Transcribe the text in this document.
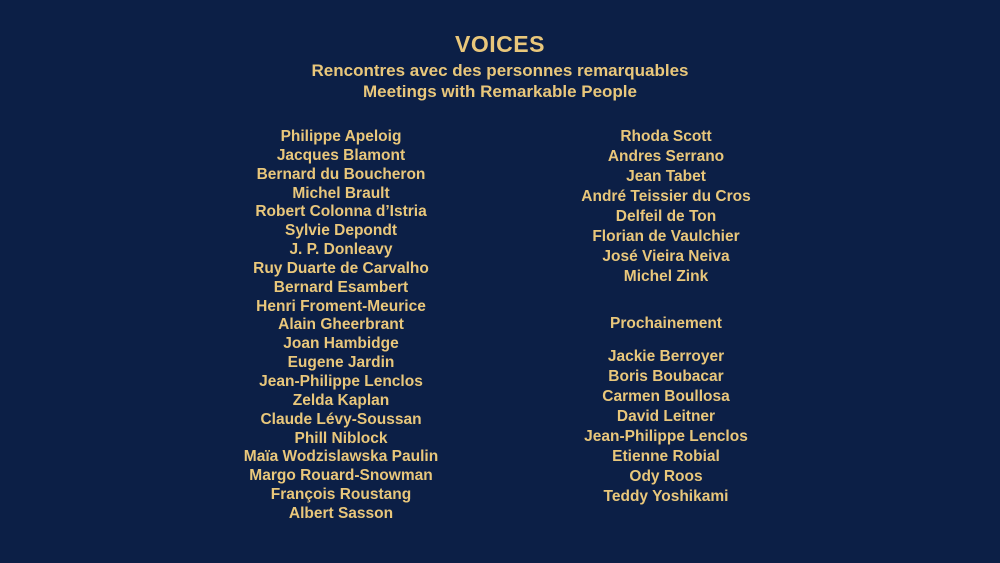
VOICES
Rencontres avec des personnes remarquables
Meetings with Remarkable People
Philippe Apeloig
Jacques Blamont
Bernard du Boucheron
Michel Brault
Robert Colonna d’Istria
Sylvie Depondt
J. P. Donleavy
Ruy Duarte de Carvalho
Bernard Esambert
Henri Froment-Meurice
Alain Gheerbrant
Joan Hambidge
Eugene Jardin
Jean-Philippe Lenclos
Zelda Kaplan
Claude Lévy-Soussan
Phill Niblock
Maïa Wodzislawska Paulin
Margo Rouard-Snowman
François Roustang
Albert Sasson
Rhoda Scott
Andres Serrano
Jean Tabet
André Teissier du Cros
Delfeil de Ton
Florian de Vaulchier
José Vieira Neiva
Michel Zink
Prochainement
Jackie Berroyer
Boris Boubacar
Carmen Boullosa
David Leitner
Jean-Philippe Lenclos
Etienne Robial
Ody Roos
Teddy Yoshikami
